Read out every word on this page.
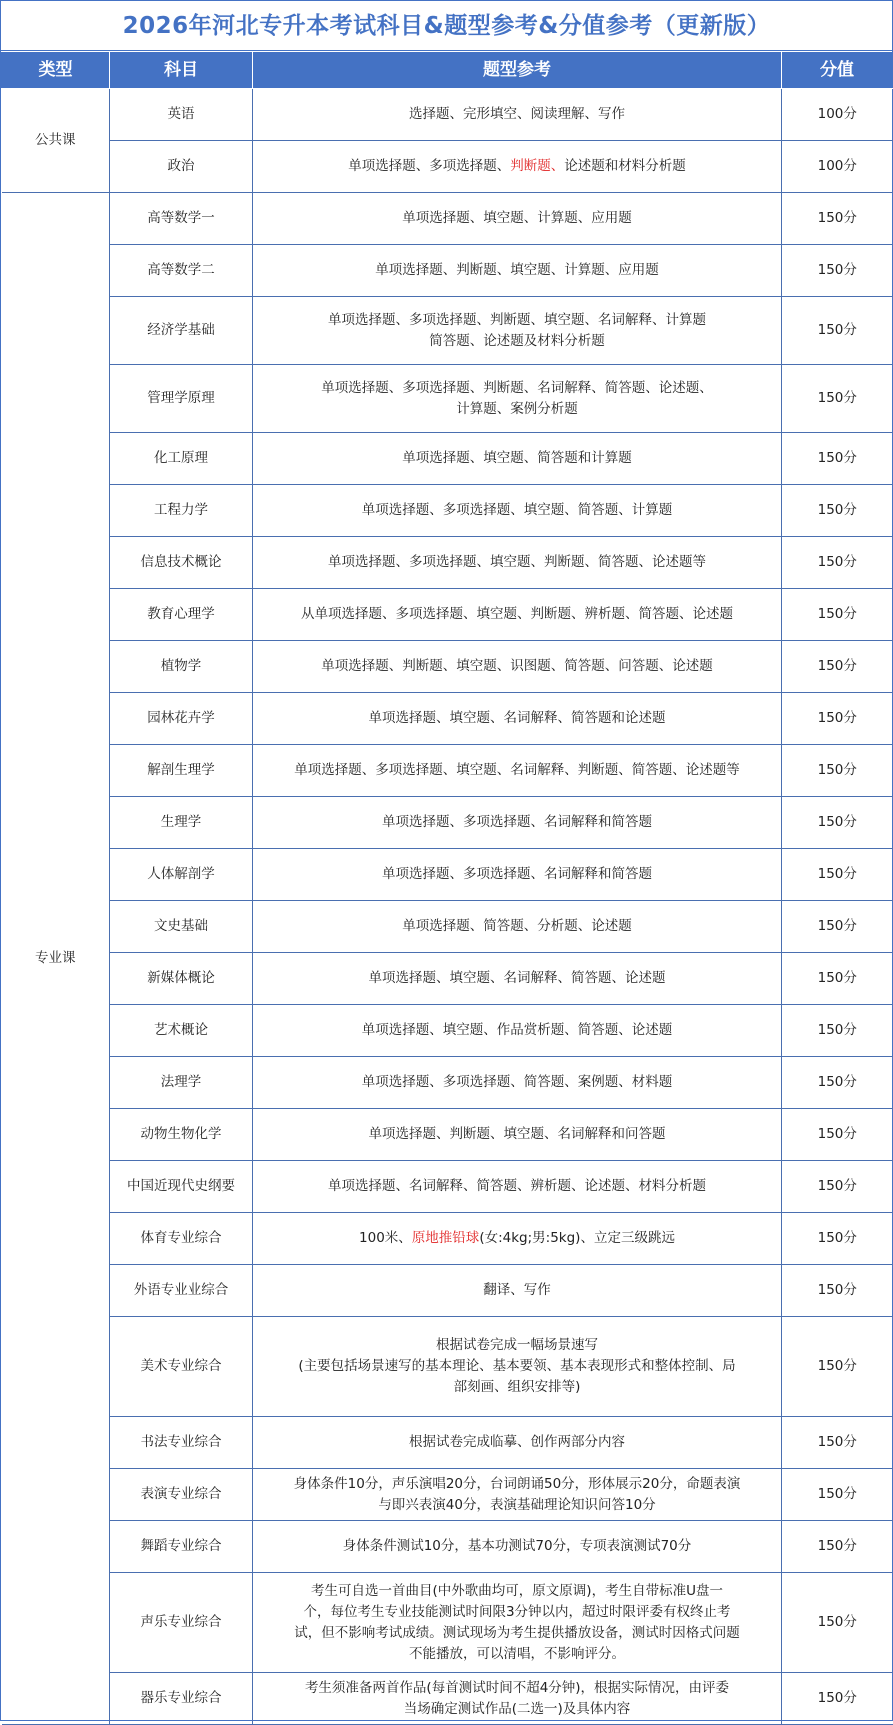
2026年河北专升本考试科目&题型参考&分值参考（更新版）
类型	科目	题型参考	分值
公共课	英语	选择题、完形填空、阅读理解、写作	100分
	政治	单项选择题、多项选择题、判断题、论述题和材料分析题	100分
专业课	高等数学一	单项选择题、填空题、计算题、应用题	150分
	高等数学二	单项选择题、判断题、填空题、计算题、应用题	150分
	经济学基础	单项选择题、多项选择题、判断题、填空题、名词解释、计算题
简答题、论述题及材料分析题	150分
	管理学原理	单项选择题、多项选择题、判断题、名词解释、简答题、论述题、
计算题、案例分析题	150分
	化工原理	单项选择题、填空题、简答题和计算题	150分
	工程力学	单项选择题、多项选择题、填空题、简答题、计算题	150分
	信息技术概论	单项选择题、多项选择题、填空题、判断题、简答题、论述题等	150分
	教育心理学	从单项选择题、多项选择题、填空题、判断题、辨析题、简答题、论述题	150分
	植物学	单项选择题、判断题、填空题、识图题、简答题、问答题、论述题	150分
	园林花卉学	单项选择题、填空题、名词解释、简答题和论述题	150分
	解剖生理学	单项选择题、多项选择题、填空题、名词解释、判断题、简答题、论述题等	150分
	生理学	单项选择题、多项选择题、名词解释和简答题	150分
	人体解剖学	单项选择题、多项选择题、名词解释和简答题	150分
	文史基础	单项选择题、简答题、分析题、论述题	150分
	新媒体概论	单项选择题、填空题、名词解释、简答题、论述题	150分
	艺术概论	单项选择题、填空题、作品赏析题、简答题、论述题	150分
	法理学	单项选择题、多项选择题、简答题、案例题、材料题	150分
	动物生物化学	单项选择题、判断题、填空题、名词解释和问答题	150分
	中国近现代史纲要	单项选择题、名词解释、简答题、辨析题、论述题、材料分析题	150分
	体育专业综合	100米、原地推铅球(女:4kg;男:5kg)、立定三级跳远	150分
	外语专业业综合	翻译、写作	150分
	美术专业综合	根据试卷完成一幅场景速写
(主要包括场景速写的基本理论、基本要领、基本表现形式和整体控制、局
部刻画、组织安排等)	150分
	书法专业综合	根据试卷完成临摹、创作两部分内容	150分
	表演专业综合	身体条件10分，声乐演唱20分，台词朗诵50分，形体展示20分，命题表演
与即兴表演40分，表演基础理论知识问答10分	150分
	舞蹈专业综合	身体条件测试10分，基本功测试70分，专项表演测试70分	150分
	声乐专业综合	考生可自选一首曲目(中外歌曲均可，原文原调)，考生自带标准U盘一
个，每位考生专业技能测试时间限3分钟以内，超过时限评委有权终止考
试，但不影响考试成绩。测试现场为考生提供播放设备，测试时因格式问题
不能播放，可以清唱，不影响评分。	150分
	器乐专业综合	考生须准备两首作品(每首测试时间不超4分钟)，根据实际情况，由评委
当场确定测试作品(二选一)及具体内容	150分
